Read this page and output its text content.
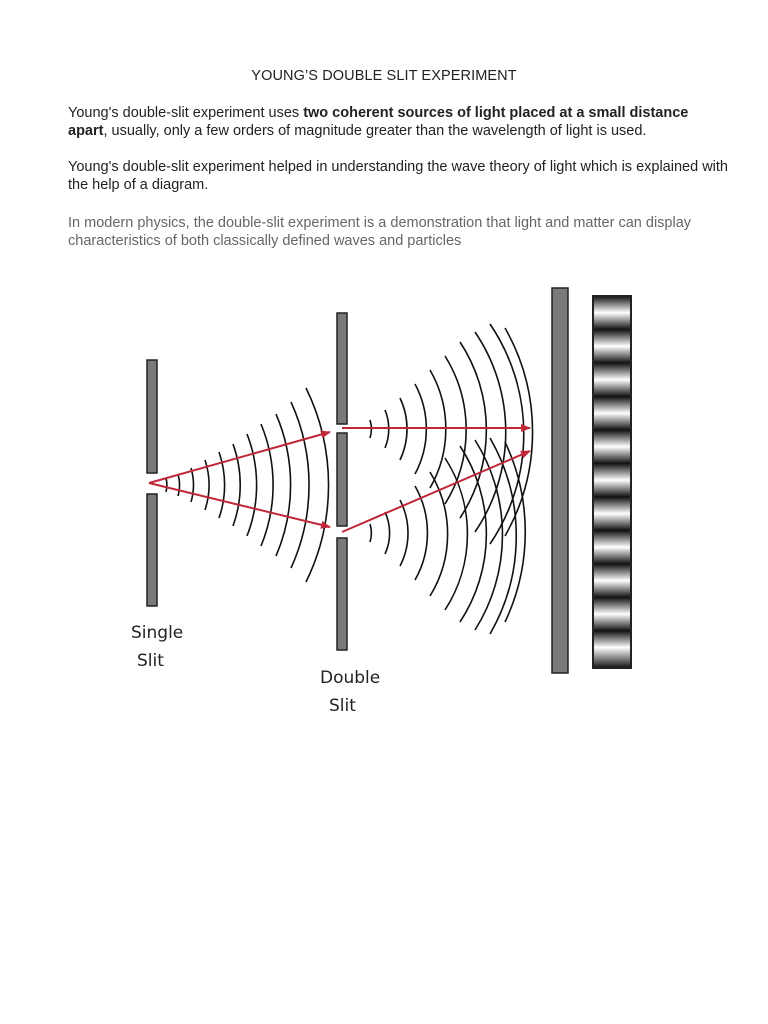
YOUNG’S DOUBLE SLIT EXPERIMENT

Young's double-slit experiment uses two coherent sources of light placed at a small distance apart, usually, only a few orders of magnitude greater than the wavelength of light is used.

Young's double-slit experiment helped in understanding the wave theory of light which is explained with the help of a diagram.

In modern physics, the double-slit experiment is a demonstration that light and matter can display characteristics of both classically defined waves and particles

Single
Slit
Double
Slit
